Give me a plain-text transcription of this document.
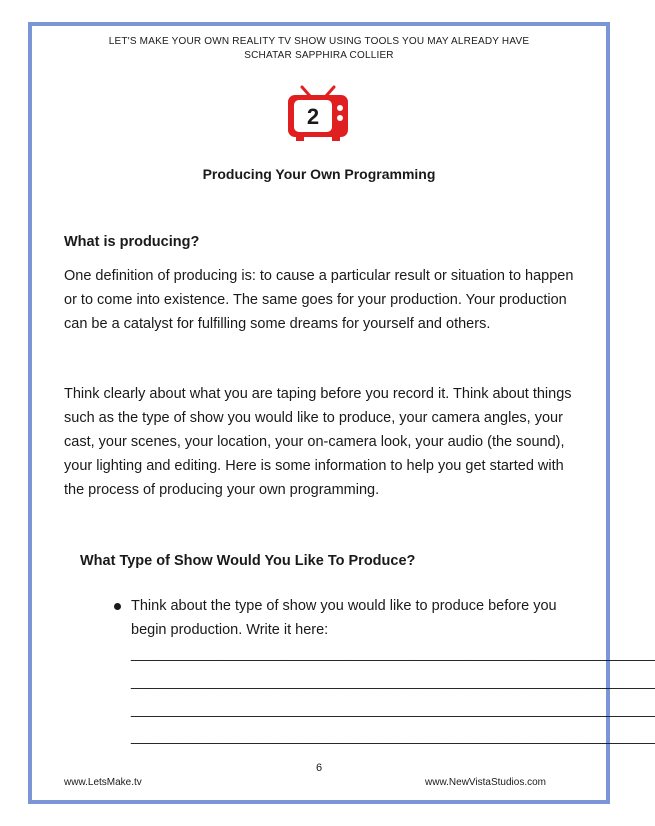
LET'S MAKE YOUR OWN REALITY TV SHOW USING TOOLS YOU MAY ALREADY HAVE
SCHATAR SAPPHIRA COLLIER
2
Producing Your Own Programming
What is producing?
One definition of producing is: to cause a particular result or situation to happen or to come into existence. The same goes for your production. Your production can be a catalyst for fulfilling some dreams for yourself and others.
Think clearly about what you are taping before you record it. Think about things such as the type of show you would like to produce, your camera angles, your cast, your scenes, your location, your on-camera look, your audio (the sound), your lighting and editing. Here is some information to help you get started with the process of producing your own programming.
What Type of Show Would You Like To Produce?
Think about the type of show you would like to produce before you begin production. Write it here:
_________________________________________________________________
_________________________________________________________________
_________________________________________________________________
_________________________________________________________________
6
www.LetsMake.tv	www.NewVistaStudios.com
